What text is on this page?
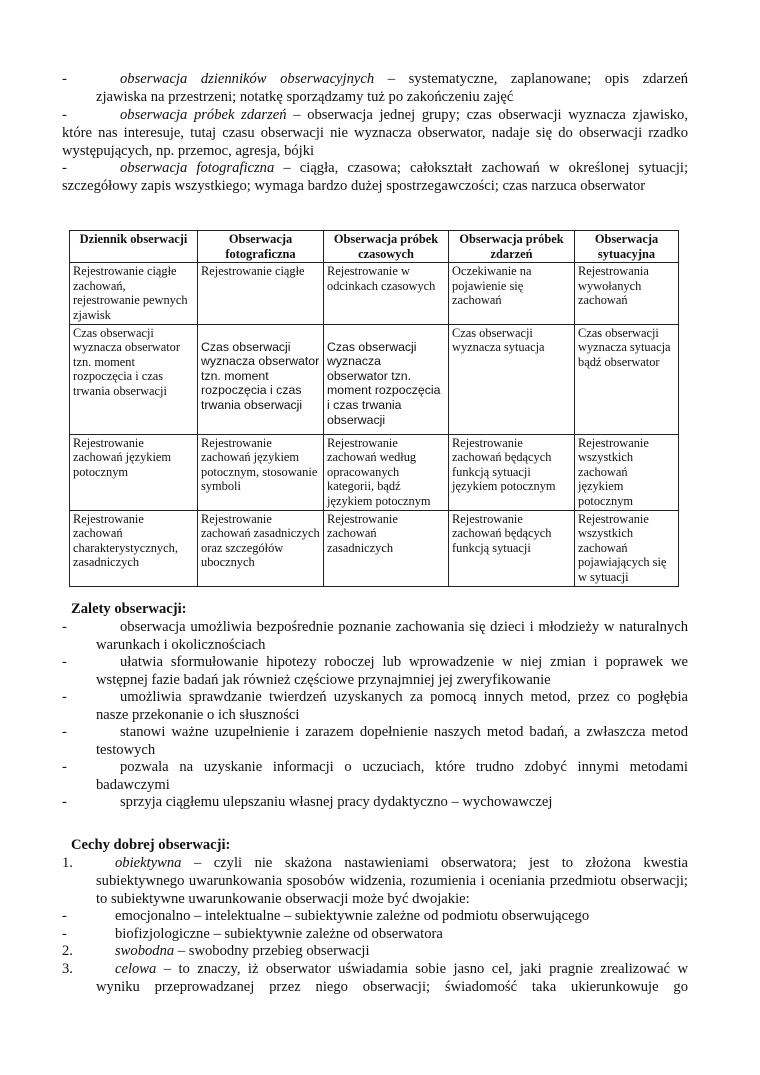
-	obserwacja dzienników obserwacyjnych – systematyczne, zaplanowane; opis zdarzeń
zjawiska na przestrzeni; notatkę sporządzamy tuż po zakończeniu zajęć
-	obserwacja próbek zdarzeń – obserwacja jednej grupy; czas obserwacji wyznacza zjawisko,
które nas interesuje, tutaj czasu obserwacji nie wyznacza obserwator, nadaje się do obserwacji rzadko występujących, np. przemoc, agresja, bójki
-	obserwacja fotograficzna – ciągła, czasowa; całokształt zachowań w określonej sytuacji;
szczegółowy zapis wszystkiego; wymaga bardzo dużej spostrzegawczości; czas narzuca obserwator
Dziennik obserwacji	Obserwacja fotograficzna	Obserwacja próbek czasowych	Obserwacja próbek zdarzeń	Obserwacja sytuacyjna
Rejestrowanie ciągłe zachowań, rejestrowanie pewnych zjawisk	Rejestrowanie ciągłe	Rejestrowanie w odcinkach czasowych	Oczekiwanie na pojawienie się zachowań	Rejestrowania wywołanych zachowań
Czas obserwacji wyznacza obserwator tzn. moment rozpoczęcia i czas trwania obserwacji	Czas obserwacji wyznacza obserwator tzn. moment rozpoczęcia i czas trwania obserwacji	Czas obserwacji wyznacza obserwator tzn. moment rozpoczęcia i czas trwania obserwacji	Czas obserwacji wyznacza sytuacja	Czas obserwacji wyznacza sytuacja bądź obserwator
Rejestrowanie zachowań językiem potocznym	Rejestrowanie zachowań językiem potocznym, stosowanie symboli	Rejestrowanie zachowań według opracowanych kategorii, bądź językiem potocznym	Rejestrowanie zachowań będących funkcją sytuacji językiem potocznym	Rejestrowanie wszystkich zachowań językiem potocznym
Rejestrowanie zachowań charakterystycznych, zasadniczych	Rejestrowanie zachowań zasadniczych oraz szczegółów ubocznych	Rejestrowanie zachowań zasadniczych	Rejestrowanie zachowań będących funkcją sytuacji	Rejestrowanie wszystkich zachowań pojawiających się w sytuacji
Zalety obserwacji:
-	obserwacja umożliwia bezpośrednie poznanie zachowania się dzieci i młodzieży w naturalnych warunkach i okolicznościach
-	ułatwia sformułowanie hipotezy roboczej lub wprowadzenie w niej zmian i poprawek we wstępnej fazie badań jak również częściowe przynajmniej jej zweryfikowanie
-	umożliwia sprawdzanie twierdzeń uzyskanych za pomocą innych metod, przez co pogłębia nasze przekonanie o ich słuszności
-	stanowi ważne uzupełnienie i zarazem dopełnienie naszych metod badań, a zwłaszcza metod testowych
-	pozwala na uzyskanie informacji o uczuciach, które trudno zdobyć innymi metodami badawczymi
-	sprzyja ciągłemu ulepszaniu własnej pracy dydaktyczno – wychowawczej
Cechy dobrej obserwacji:
1.	obiektywna – czyli nie skażona nastawieniami obserwatora; jest to złożona kwestia subiektywnego uwarunkowania sposobów widzenia, rozumienia i oceniania przedmiotu obserwacji; to subiektywne uwarunkowanie obserwacji może być dwojakie:
-	emocjonalno – intelektualne – subiektywnie zależne od podmiotu obserwującego
-	biofizjologiczne – subiektywnie zależne od obserwatora
2.	swobodna – swobodny przebieg obserwacji
3.	celowa – to znaczy, iż obserwator uświadamia sobie jasno cel, jaki pragnie zrealizować w
wyniku przeprowadzanej przez niego obserwacji; świadomość taka ukierunkowuje go
